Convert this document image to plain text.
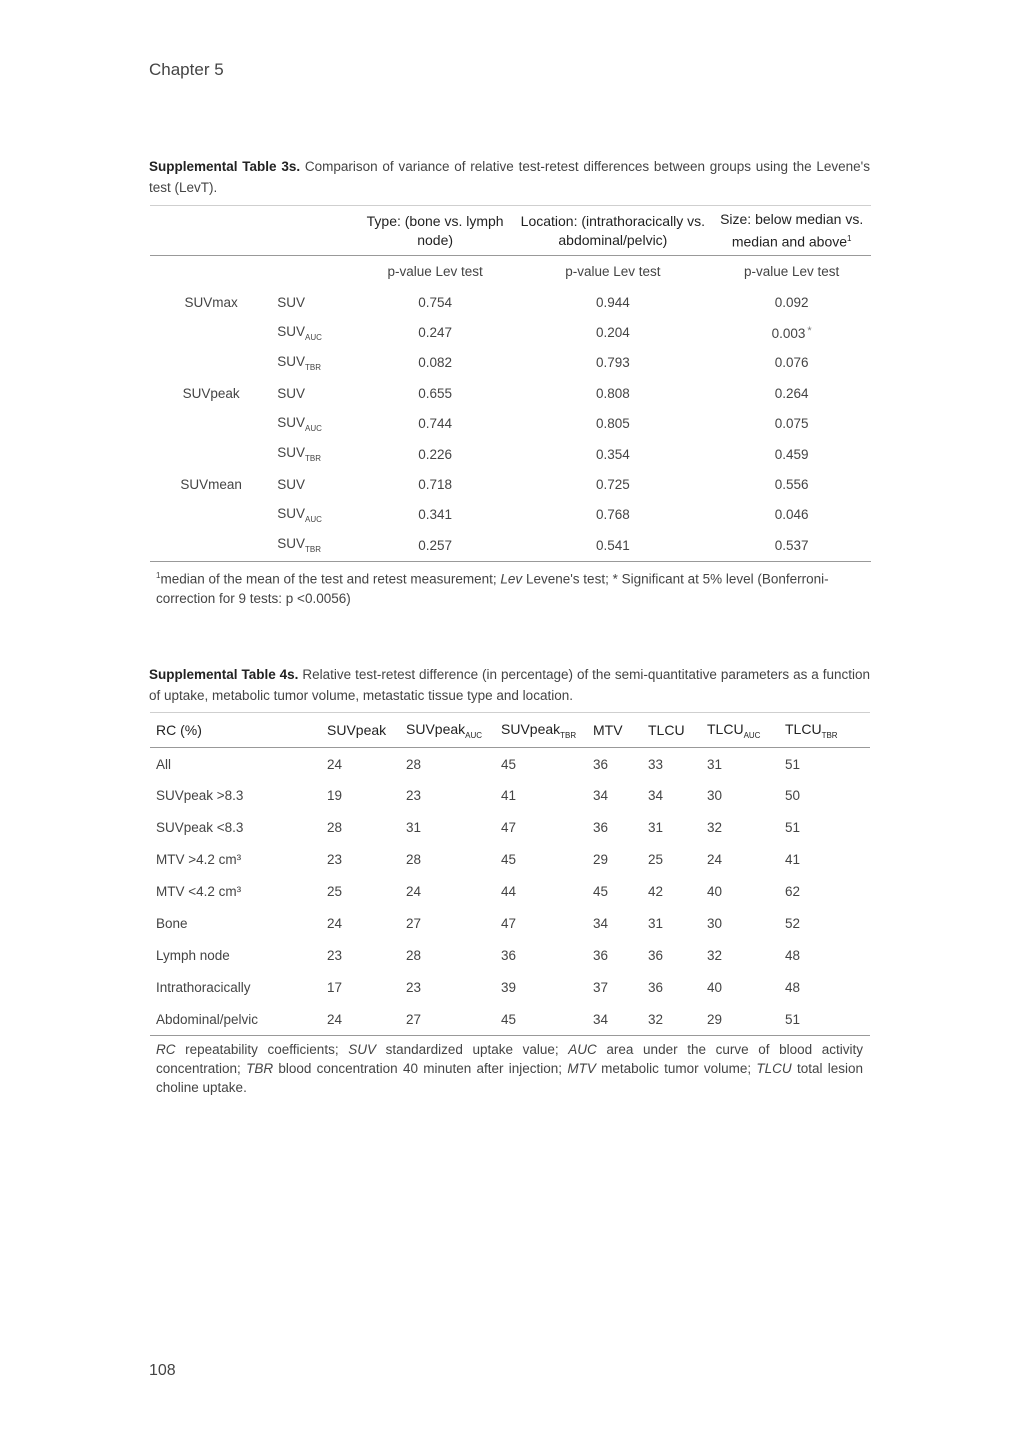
Chapter 5
Supplemental Table 3s. Comparison of variance of relative test-retest differences between groups using the Levene's test (LevT).
		Type: (bone vs. lymph node)	Location: (intrathoracically vs. abdominal/pelvic)	Size: below median vs. median and above$^1$
		p-value Lev test	p-value Lev test	p-value Lev test
SUVmax	SUV	0.754	0.944	0.092
	$SUV_{AUC}$	0.247	0.204	0.003 *
	$SUV_{TBR}$	0.082	0.793	0.076
SUVpeak	SUV	0.655	0.808	0.264
	$SUV_{AUC}$	0.744	0.805	0.075
	$SUV_{TBR}$	0.226	0.354	0.459
SUVmean	SUV	0.718	0.725	0.556
	$SUV_{AUC}$	0.341	0.768	0.046
	$SUV_{TBR}$	0.257	0.541	0.537
$^1$median of the mean of the test and retest measurement; Lev Levene's test; * Significant at 5% level (Bonferroni-correction for 9 tests: p <0.0056)
Supplemental Table 4s. Relative test-retest difference (in percentage) of the semi-quantitative parameters as a function of uptake, metabolic tumor volume, metastatic tissue type and location.
RC (%)	SUVpeak	SUVpeak$_{AUC}$	SUVpeak$_{TBR}$	MTV	TLCU	$TLCU_{AUC}$	$TLCU_{TBR}$
All	24	28	45	36	33	31	51
SUVpeak >8.3	19	23	41	34	34	30	50
SUVpeak <8.3	28	31	47	36	31	32	51
MTV >4.2 cm³	23	28	45	29	25	24	41
MTV <4.2 cm³	25	24	44	45	42	40	62
Bone	24	27	47	34	31	30	52
Lymph node	23	28	36	36	36	32	48
Intrathoracically	17	23	39	37	36	40	48
Abdominal/pelvic	24	27	45	34	32	29	51
RC repeatability coefficients; SUV standardized uptake value; AUC area under the curve of blood activity concentration; TBR blood concentration 40 minuten after injection; MTV metabolic tumor volume; TLCU total lesion choline uptake.
108
